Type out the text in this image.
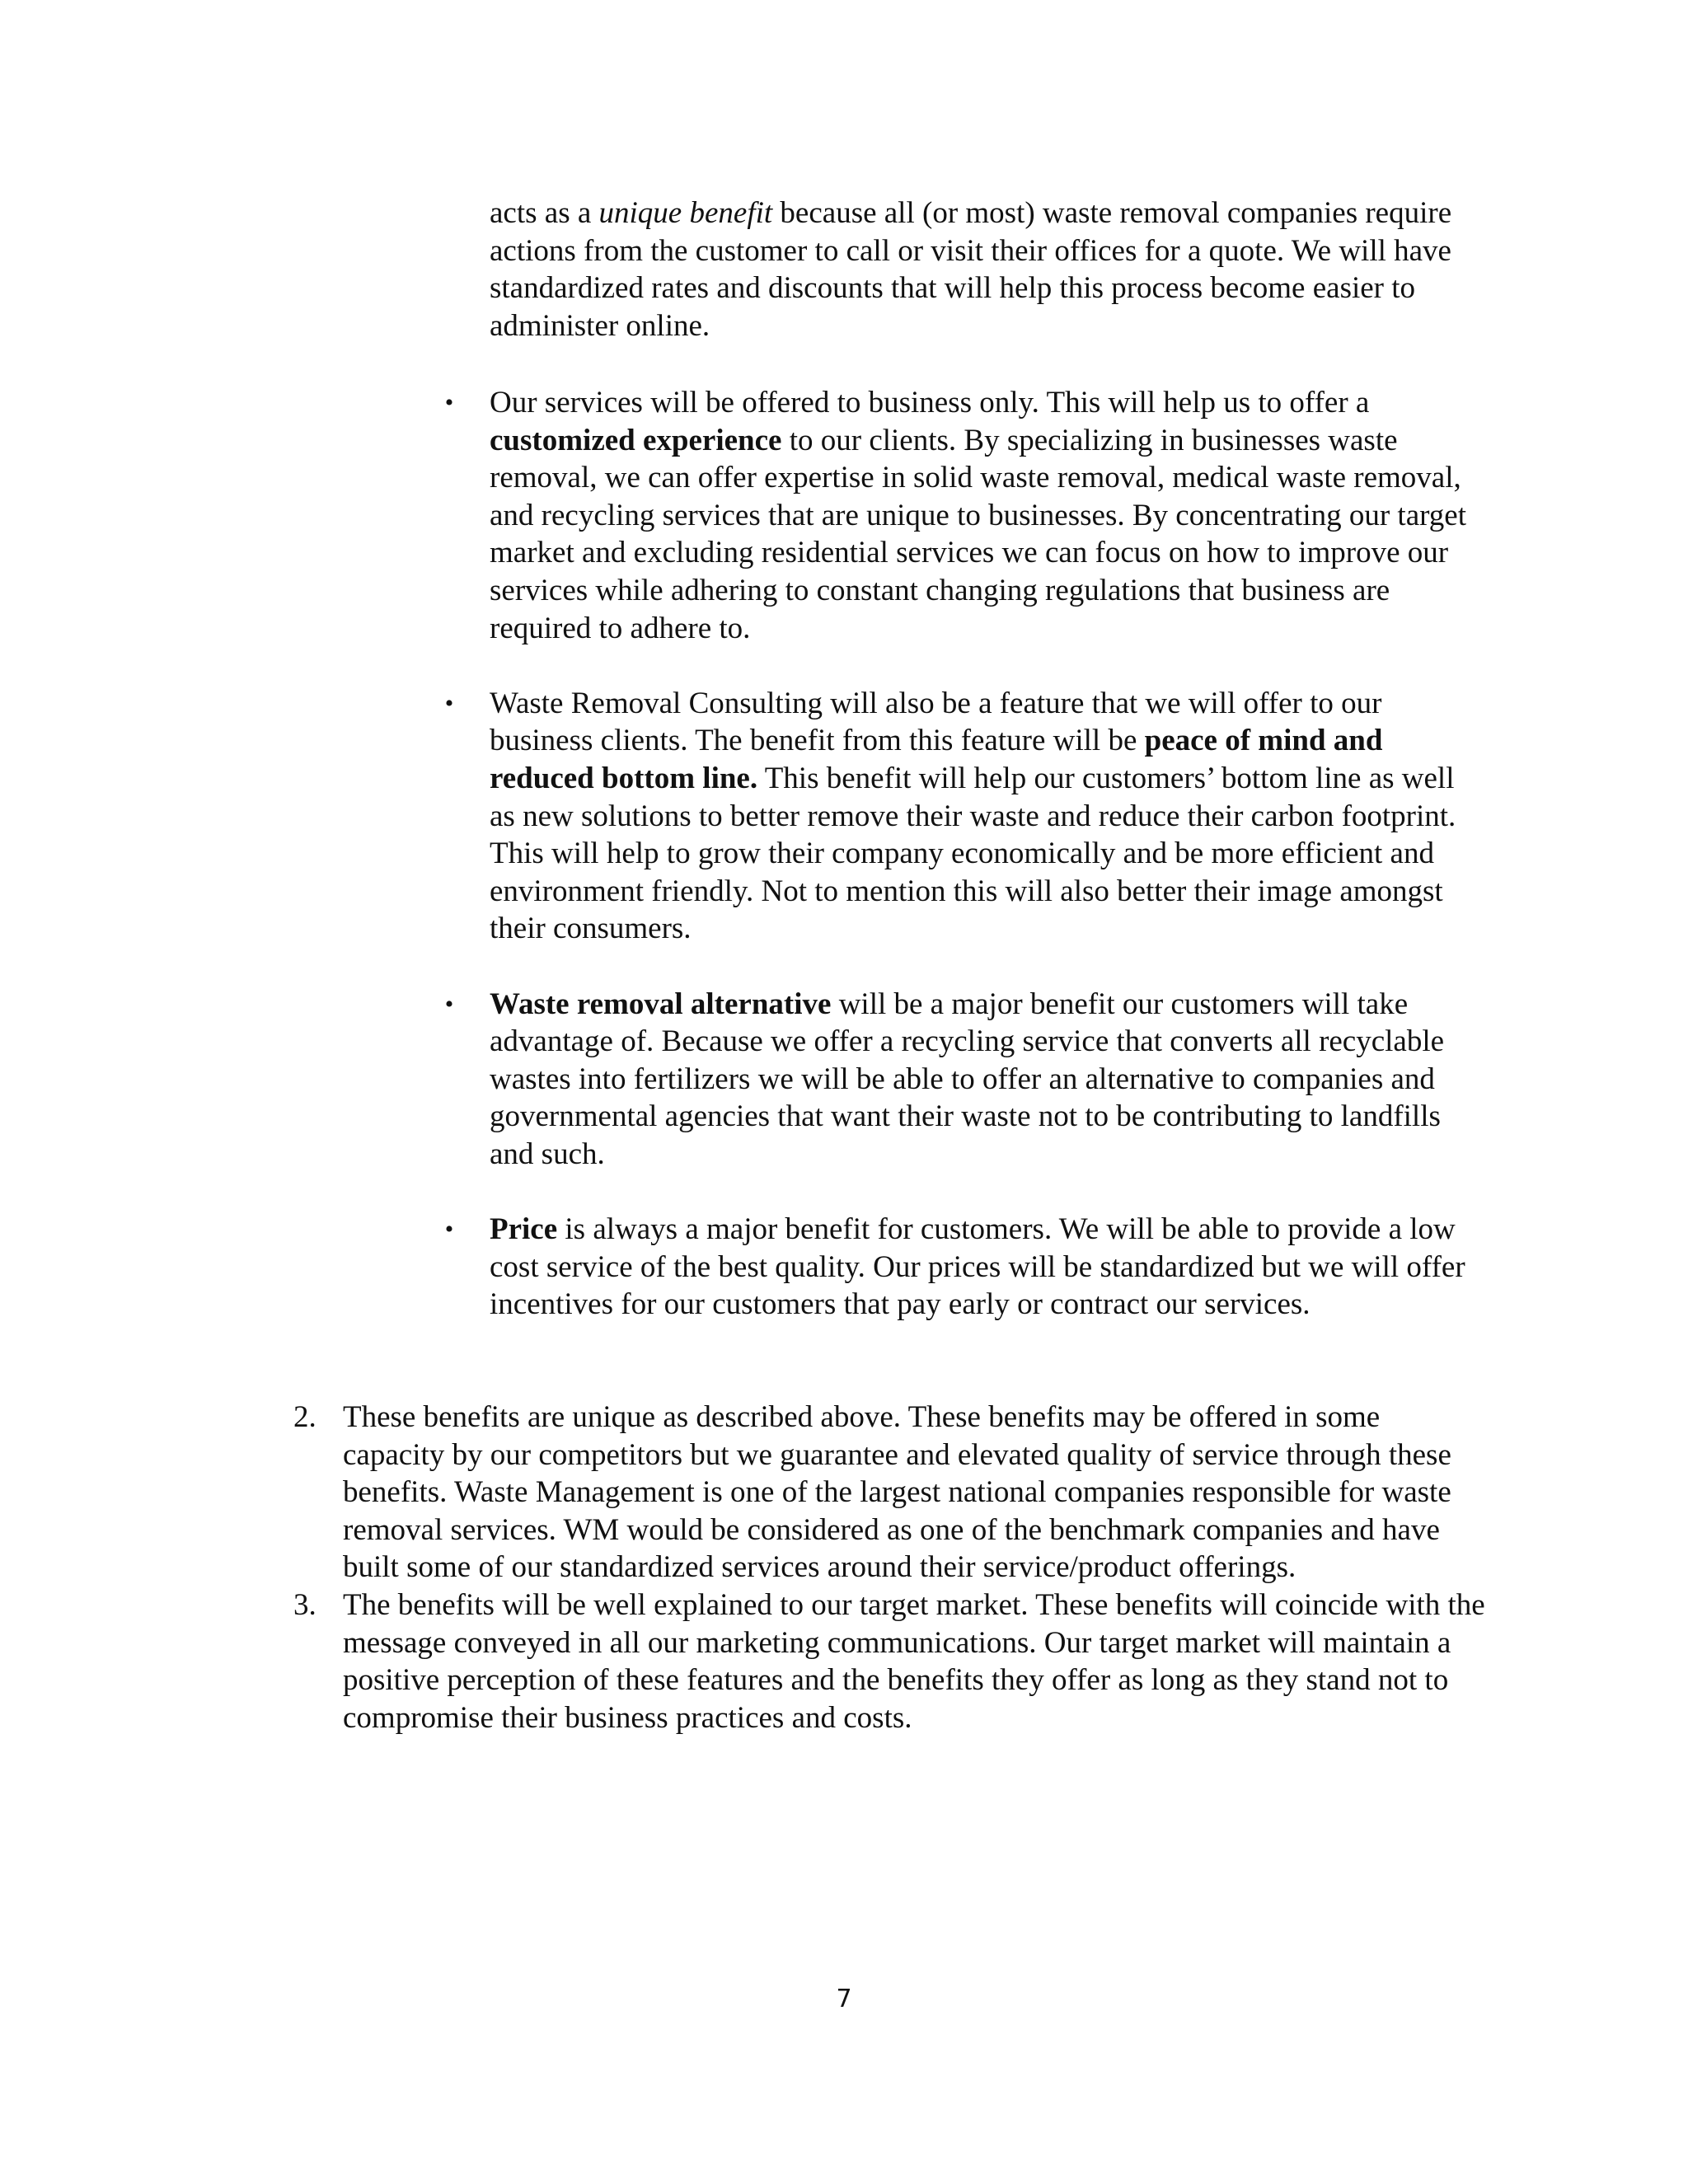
acts as a unique benefit because all (or most) waste removal companies require actions from the customer to call or visit their offices for a quote. We will have standardized rates and discounts that will help this process become easier to administer online.
• Our services will be offered to business only. This will help us to offer a customized experience to our clients. By specializing in businesses waste removal, we can offer expertise in solid waste removal, medical waste removal, and recycling services that are unique to businesses. By concentrating our target market and excluding residential services we can focus on how to improve our services while adhering to constant changing regulations that business are required to adhere to.
• Waste Removal Consulting will also be a feature that we will offer to our business clients. The benefit from this feature will be peace of mind and reduced bottom line. This benefit will help our customers’ bottom line as well as new solutions to better remove their waste and reduce their carbon footprint. This will help to grow their company economically and be more efficient and environment friendly. Not to mention this will also better their image amongst their consumers.
• Waste removal alternative will be a major benefit our customers will take advantage of. Because we offer a recycling service that converts all recyclable wastes into fertilizers we will be able to offer an alternative to companies and governmental agencies that want their waste not to be contributing to landfills and such.
• Price is always a major benefit for customers. We will be able to provide a low cost service of the best quality. Our prices will be standardized but we will offer incentives for our customers that pay early or contract our services.
2. These benefits are unique as described above. These benefits may be offered in some capacity by our competitors but we guarantee and elevated quality of service through these benefits. Waste Management is one of the largest national companies responsible for waste removal services. WM would be considered as one of the benchmark companies and have built some of our standardized services around their service/product offerings.
3. The benefits will be well explained to our target market. These benefits will coincide with the message conveyed in all our marketing communications. Our target market will maintain a positive perception of these features and the benefits they offer as long as they stand not to compromise their business practices and costs.
7
